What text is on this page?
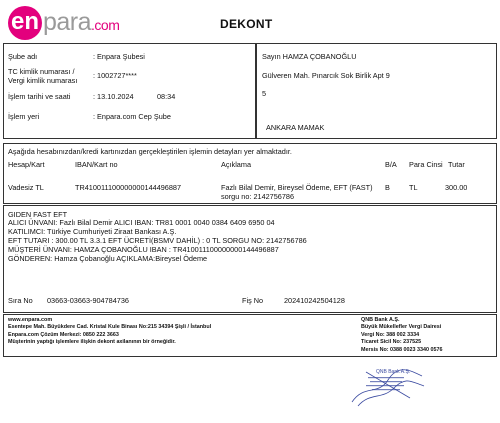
en para.com	DEKONT
Şube adı	: Enpara Şubesi
TC kimlik numarası /
Vergi kimlik numarası
: 1002727****
İşlem tarihi ve saati	: 13.10.2024	08:34
İşlem yeri	: Enpara.com Cep Şube
Sayın HAMZA ÇOBANOĞLU
Gülveren Mah. Pınarcık Sok Birlik Apt 9
5
ANKARA MAMAK
Aşağıda hesabınızdan/kredi kartınızdan gerçekleştirilen işlemin detayları yer almaktadır.
Hesap/Kart	IBAN/Kart no	Açıklama	B/A Para Cinsi Tutar
Vadesiz TL	TR410011100000000144496887	Fazlı Bilal Demir, Bireysel Ödeme, EFT (FAST)
sorgu no: 2142756786
B	TL	300.00
GIDEN FAST EFT
ALICI ÜNVANI: Fazlı Bilal Demir ALICI IBAN: TR81 0001 0040 0384 6409 6950 04
KATILIMCI: Türkiye Cumhuriyeti Ziraat Bankası A.Ş.
EFT TUTARI : 300.00 TL 3.3.1 EFT ÜCRETİ(BSMV DAHİL) : 0 TL SORGU NO: 2142756786
MÜŞTERİ ÜNVANI: HAMZA ÇOBANOĞLU IBAN : TR410011100000000144496887
GÖNDEREN: Hamza Çobanoğlu AÇIKLAMA:Bireysel Ödeme
Sıra No 03663-03663-904784736	Fiş No	202410242504128
www.enpara.com
Esentepe Mah. Büyükdere Cad. Kristal Kule Binası No:215 34394 Şişli / İstanbul
Enpara.com Çözüm Merkezi: 0850 222 3663
Müşterinin yaptığı işlemlere ilişkin dekont axilanının bir örneğidir.
QNB Bank A.Ş.
Büyük Mükellefler Vergi Dairesi
Vergi No: 388 002 3334
Ticaret Sicil No: 237525
Mersis No: 0388 0023 3340 0576
QNB Bank A.Ş.
